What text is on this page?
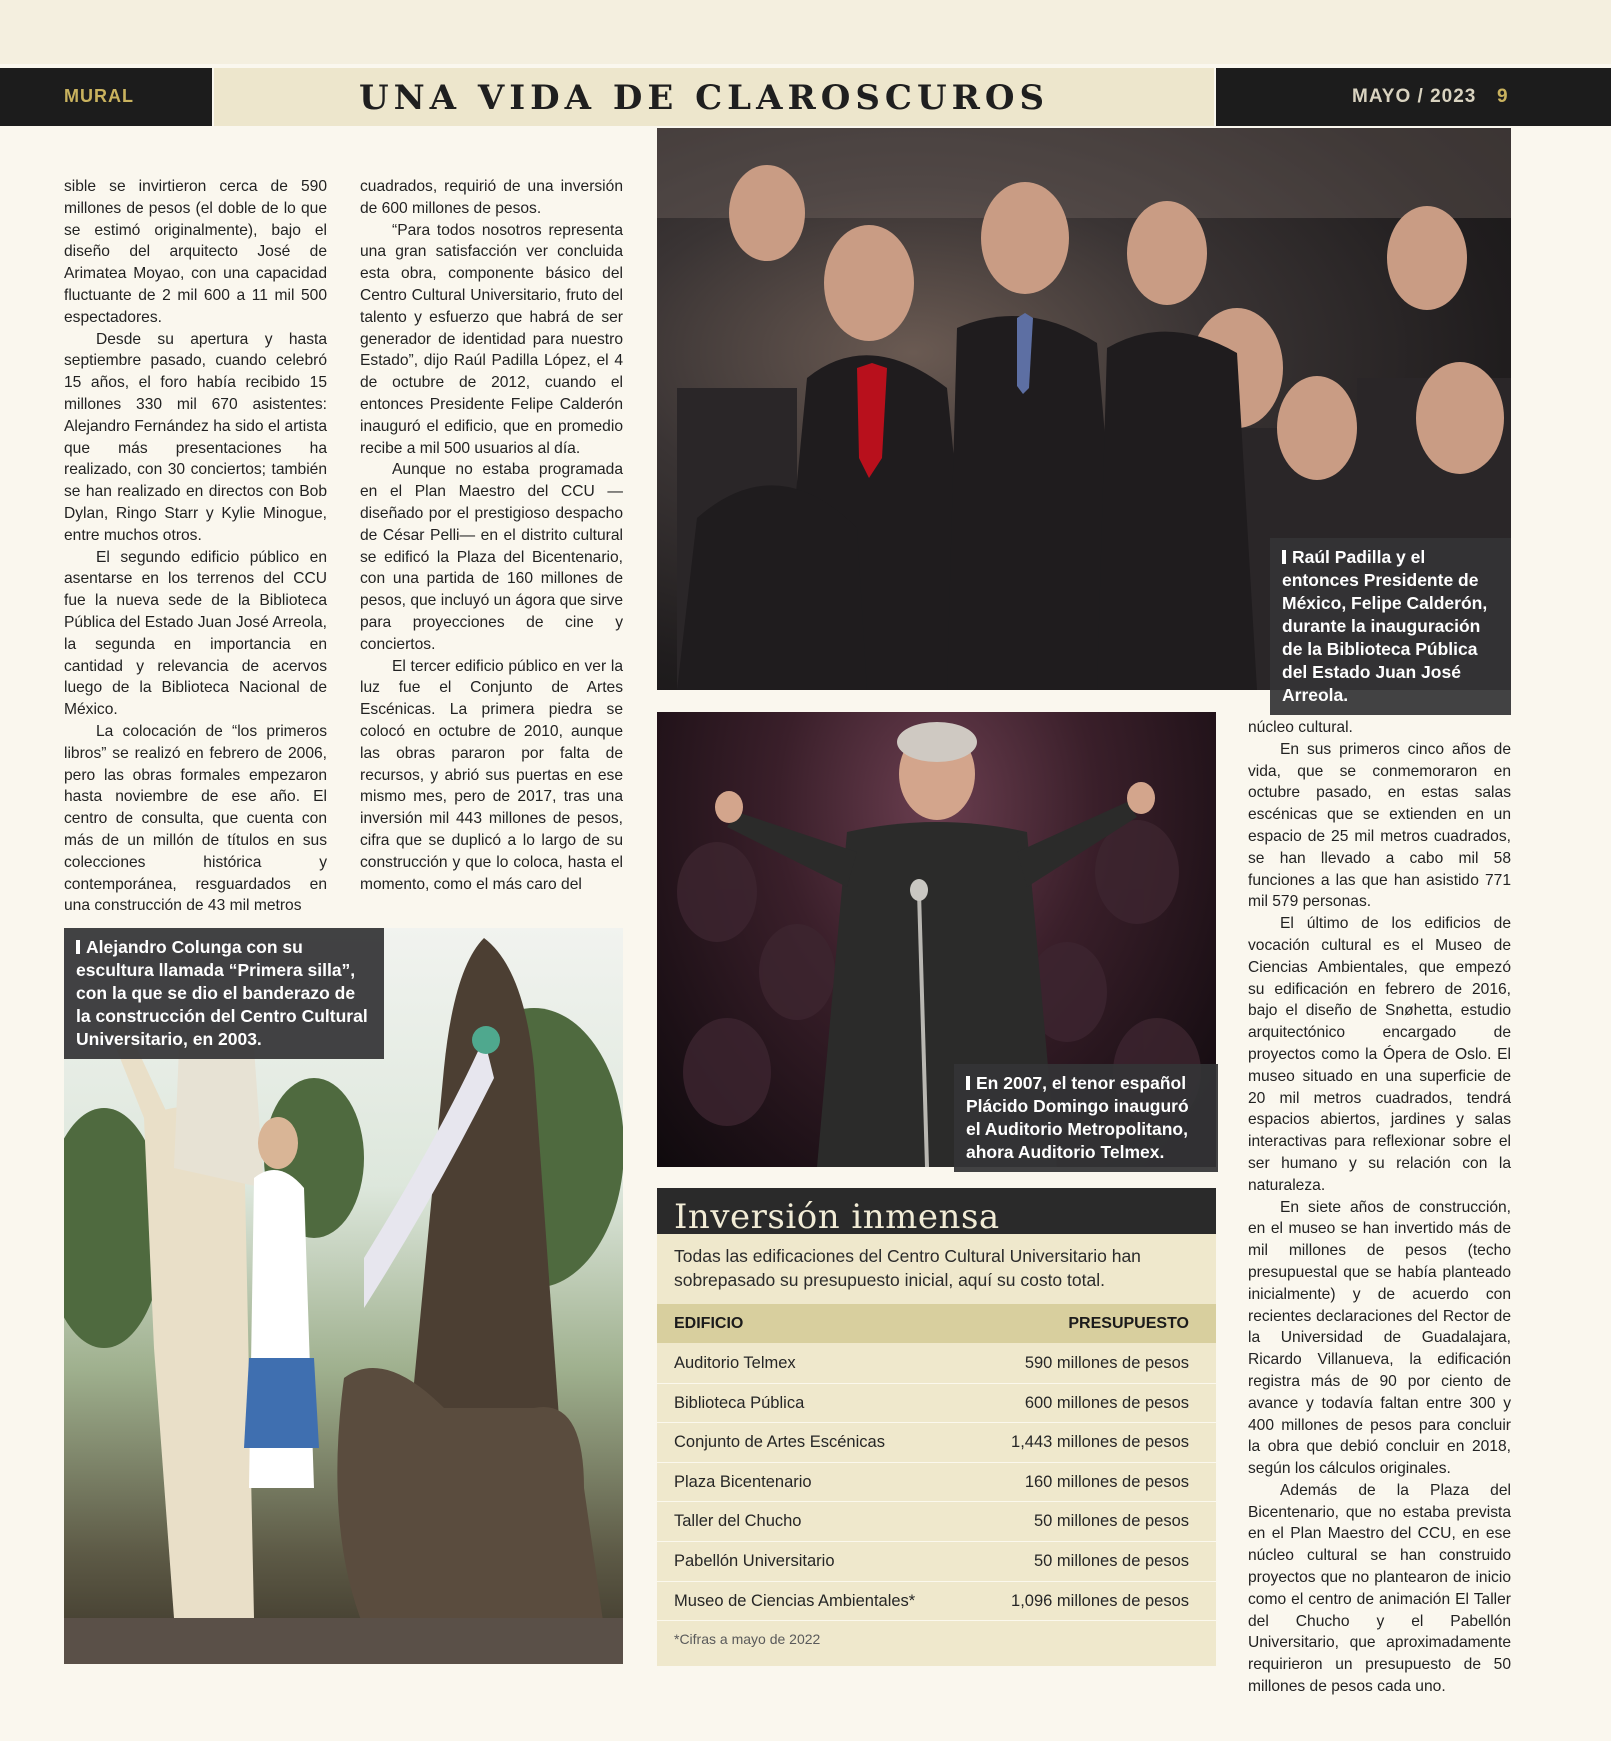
MURAL	UNA VIDA DE CLAROSCUROS	MAYO / 2023 9

sible se invirtieron cerca de 590 millones de pesos (el doble de lo que se estimó originalmente), bajo el diseño del arquitecto José de Arimatea Moyao, con una capacidad fluctuante de 2 mil 600 a 11 mil 500 espectadores.

Desde su apertura y hasta septiembre pasado, cuando celebró 15 años, el foro había recibido 15 millones 330 mil 670 asistentes: Alejandro Fernández ha sido el artista que más presentaciones ha realizado, con 30 conciertos; también se han realizado en directos con Bob Dylan, Ringo Starr y Kylie Minogue, entre muchos otros.

El segundo edificio público en asentarse en los terrenos del CCU fue la nueva sede de la Biblioteca Pública del Estado Juan José Arreola, la segunda en importancia en cantidad y relevancia de acervos luego de la Biblioteca Nacional de México.

La colocación de “los primeros libros” se realizó en febrero de 2006, pero las obras formales empezaron hasta noviembre de ese año. El centro de consulta, que cuenta con más de un millón de títulos en sus colecciones histórica y contemporánea, resguardados en una construcción de 43 mil metros

cuadrados, requirió de una inversión de 600 millones de pesos.

“Para todos nosotros representa una gran satisfacción ver concluida esta obra, componente básico del Centro Cultural Universitario, fruto del talento y esfuerzo que habrá de ser generador de identidad para nuestro Estado”, dijo Raúl Padilla López, el 4 de octubre de 2012, cuando el entonces Presidente Felipe Calderón inauguró el edificio, que en promedio recibe a mil 500 usuarios al día.

Aunque no estaba programada en el Plan Maestro del CCU —diseñado por el prestigioso despacho de César Pelli— en el distrito cultural se edificó la Plaza del Bicentenario, con una partida de 160 millones de pesos, que incluyó un ágora que sirve para proyecciones de cine y conciertos.

El tercer edificio público en ver la luz fue el Conjunto de Artes Escénicas. La primera piedra se colocó en octubre de 2010, aunque las obras pararon por falta de recursos, y abrió sus puertas en ese mismo mes, pero de 2017, tras una inversión mil 443 millones de pesos, cifra que se duplicó a lo largo de su construcción y que lo coloca, hasta el momento, como el más caro del

Raúl Padilla y el entonces Presidente de México, Felipe Calderón, durante la inauguración de la Biblioteca Pública del Estado Juan José Arreola.
En 2007, el tenor español Plácido Domingo inauguró el Auditorio Metropolitano, ahora Auditorio Telmex.
Alejandro Colunga con su escultura llamada “Primera silla”, con la que se dio el banderazo de la construcción del Centro Cultural Universitario, en 2003.
Inversión inmensa
Todas las edificaciones del Centro Cultural Universitario han sobrepasado su presupuesto inicial, aquí su costo total.
EDIFICIO	PRESUPUESTO
Auditorio Telmex	590 millones de pesos
Biblioteca Pública	600 millones de pesos
Conjunto de Artes Escénicas	1,443 millones de pesos
Plaza Bicentenario	160 millones de pesos
Taller del Chucho	50 millones de pesos
Pabellón Universitario	50 millones de pesos
Museo de Ciencias Ambientales*	1,096 millones de pesos
*Cifras a mayo de 2022

núcleo cultural.

En sus primeros cinco años de vida, que se conmemoraron en octubre pasado, en estas salas escénicas que se extienden en un espacio de 25 mil metros cuadrados, se han llevado a cabo mil 58 funciones a las que han asistido 771 mil 579 personas.

El último de los edificios de vocación cultural es el Museo de Ciencias Ambientales, que empezó su edificación en febrero de 2016, bajo el diseño de Snøhetta, estudio arquitectónico encargado de proyectos como la Ópera de Oslo. El museo situado en una superficie de 20 mil metros cuadrados, tendrá espacios abiertos, jardines y salas interactivas para reflexionar sobre el ser humano y su relación con la naturaleza.

En siete años de construcción, en el museo se han invertido más de mil millones de pesos (techo presupuestal que se había planteado inicialmente) y de acuerdo con recientes declaraciones del Rector de la Universidad de Guadalajara, Ricardo Villanueva, la edificación registra más de 90 por ciento de avance y todavía faltan entre 300 y 400 millones de pesos para concluir la obra que debió concluir en 2018, según los cálculos originales.

Además de la Plaza del Bicentenario, que no estaba prevista en el Plan Maestro del CCU, en ese núcleo cultural se han construido proyectos que no plantearon de inicio como el centro de animación El Taller del Chucho y el Pabellón Universitario, que aproximadamente requirieron un presupuesto de 50 millones de pesos cada uno.
